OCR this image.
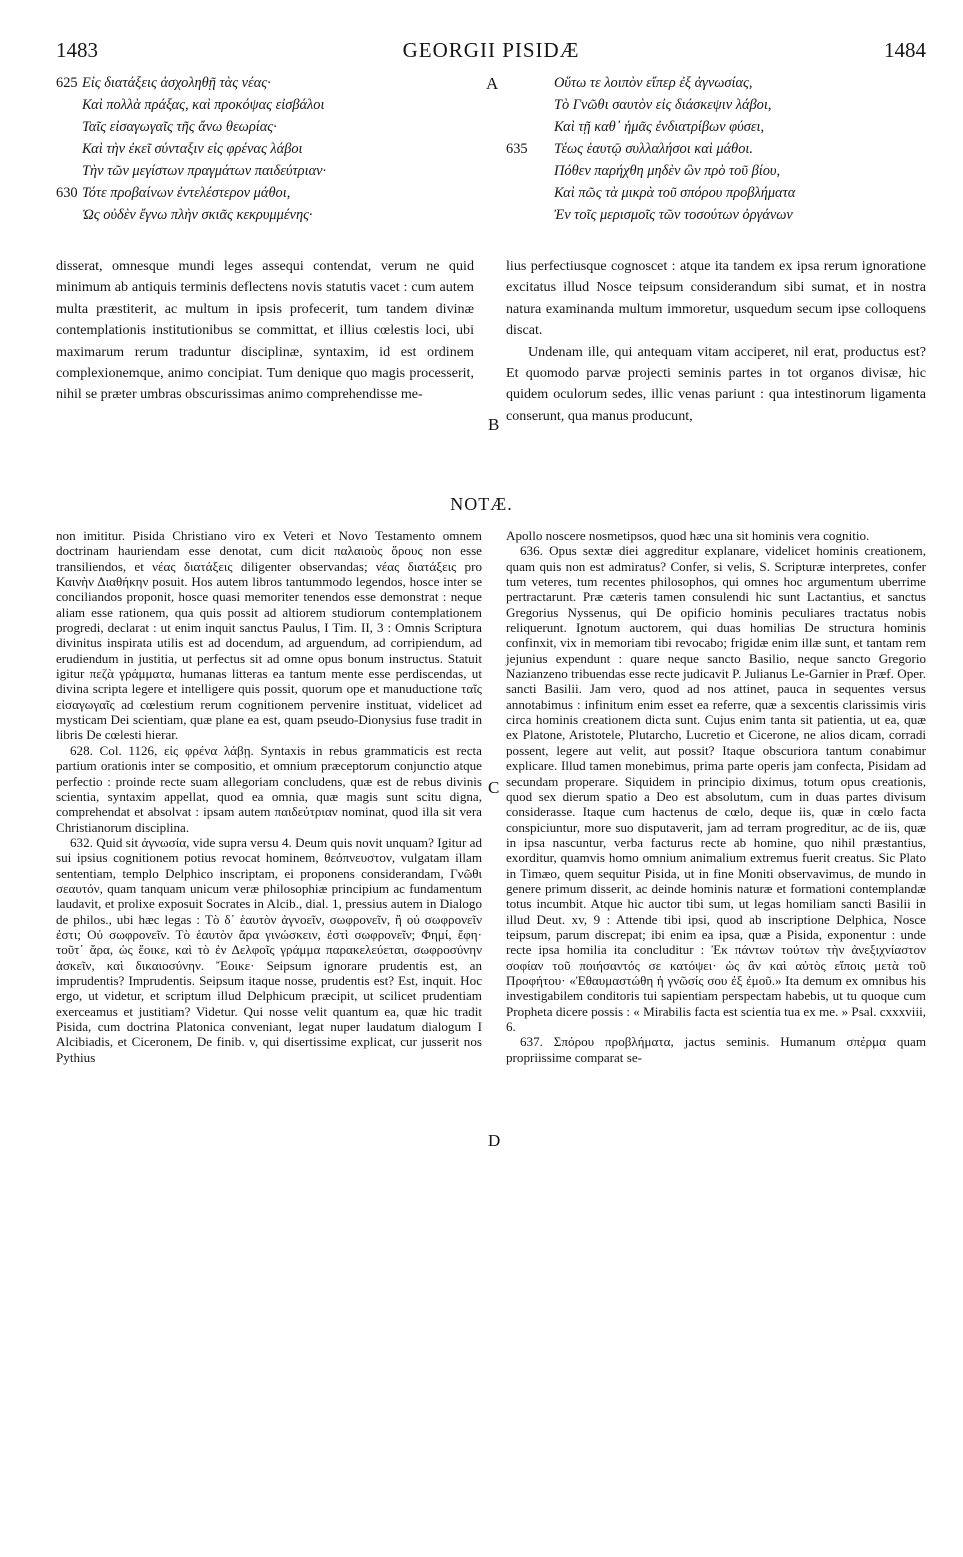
1483	GEORGII PISIDÆ	1484
625 Εἰς διατάξεις ἀσχοληθῇ τὰς νέας·
Καὶ πολλὰ πράξας, καὶ προκόψας εἰσβάλοι
Ταῖς εἰσαγωγαῖς τῆς ἄνω θεωρίας·
Καὶ τὴν ἐκεῖ σύνταξιν εἰς φρένας λάβοι
Τὴν τῶν μεγίστων πραγμάτων παιδεύτριαν·
630 Τότε προβαίνων ἐντελέστερον μάθοι,
Ὡς οὐδὲν ἔγνω πλὴν σκιᾶς κεκρυμμένης·
Οὕτω τε λοιπὸν εἴπερ ἐξ ἀγνωσίας,
Τὸ Γνῶθι σαυτὸν εἰς διάσκεψιν λάβοι,
Καὶ τῇ καθ᾽ ἡμᾶς ἐνδιατρίβων φύσει,
635 Τέως ἑαυτῷ συλλαλήσοι καὶ μάθοι.
Πόθεν παρήχθη μηδὲν ὢν πρὸ τοῦ βίου,
Καὶ πῶς τὰ μικρὰ τοῦ σπόρου προβλήματα
Ἐν τοῖς μερισμοῖς τῶν τοσούτων ὀργάνων

disserat, omnesque mundi leges assequi contendat, verum ne quid minimum ab antiquis terminis deflectens novis statutis vacet : cum autem multa præstiterit, ac multum in ipsis profecerit, tum tandem divinæ contemplationis institutionibus se committat, et illius cœlestis loci, ubi maximarum rerum traduntur disciplinæ, syntaxim, id est ordinem complexionemque, animo concipiat. Tum denique quo magis processerit, nihil se præter umbras obscurissimas animo comprehendisse me-

lius perfectiusque cognoscet : atque ita tandem ex ipsa rerum ignoratione excitatus illud Nosce teipsum considerandum sibi sumat, et in nostra natura examinanda multum immoretur, usquedum secum ipse colloquens discat.

Undenam ille, qui antequam vitam acciperet, nil erat, productus est? Et quomodo parvæ projecti seminis partes in tot organos divisæ, hic quidem oculorum sedes, illic venas pariunt : qua intestinorum ligamenta conserunt, qua manus producunt,

A
B
C
D
NOTÆ.

non imititur. Pisida Christiano viro ex Veteri et Novo Testamento omnem doctrinam hauriendam esse denotat, cum dicit παλαιοὺς ὅρους non esse transiliendos, et νέας διατάξεις diligenter observandas; νέας διατάξεις pro Καινὴν Διαθήκην posuit. Hos autem libros tantummodo legendos, hosce inter se conciliandos proponit, hosce quasi memoriter tenendos esse demonstrat : neque aliam esse rationem, qua quis possit ad altiorem studiorum contemplationem progredi, declarat : ut enim inquit sanctus Paulus, I Tim. II, 3 : Omnis Scriptura divinitus inspirata utilis est ad docendum, ad arguendum, ad corripiendum, ad erudiendum in justitia, ut perfectus sit ad omne opus bonum instructus. Statuit igitur πεζὰ γράμματα, humanas litteras ea tantum mente esse perdiscendas, ut divina scripta legere et intelligere quis possit, quorum ope et manuductione ταῖς εἰσαγωγαῖς ad cœlestium rerum cognitionem pervenire instituat, videlicet ad mysticam Dei scientiam, quæ plane ea est, quam pseudo-Dionysius fuse tradit in libris De cœlesti hierar.

628. Col. 1126, εἰς φρένα λάβῃ. Syntaxis in rebus grammaticis est recta partium orationis inter se compositio, et omnium præceptorum conjunctio atque perfectio : proinde recte suam allegoriam concludens, quæ est de rebus divinis scientia, syntaxim appellat, quod ea omnia, quæ magis sunt scitu digna, comprehendat et absolvat : ipsam autem παιδεύτριαν nominat, quod illa sit vera Christianorum disciplina.

632. Quid sit ἀγνωσία, vide supra versu 4. Deum quis novit unquam? Igitur ad sui ipsius cognitionem potius revocat hominem, θεόπνευστον, vulgatam illam sententiam, templo Delphico inscriptam, ei proponens considerandam, Γνῶθι σεαυτόν, quam tanquam unicum veræ philosophiæ principium ac fundamentum laudavit, et prolixe exposuit Socrates in Alcib., dial. 1, pressius autem in Dialogo de philos., ubi hæc legas : Τὸ δ᾽ ἑαυτὸν ἀγνοεῖν, σωφρονεῖν, ἢ οὐ σωφρονεῖν ἐστι; Οὐ σωφρονεῖν. Τὸ ἑαυτὸν ἄρα γινώσκειν, ἐστὶ σωφρονεῖν; Φημί, ἔφη· τοῦτ᾽ ἄρα, ὡς ἔοικε, καὶ τὸ ἐν Δελφοῖς γράμμα παρακελεύεται, σωφροσύνην ἀσκεῖν, καὶ δικαιοσύνην. Ἔοικε· Seipsum ignorare prudentis est, an imprudentis? Imprudentis. Seipsum itaque nosse, prudentis est? Est, inquit. Hoc ergo, ut videtur, et scriptum illud Delphicum præcipit, ut scilicet prudentiam exerceamus et justitiam? Videtur. Qui nosse velit quantum ea, quæ hic tradit Pisida, cum doctrina Platonica conveniant, legat nuper laudatum dialogum I Alcibiadis, et Ciceronem, De finib. v, qui disertissime explicat, cur jusserit nos Pythius

Apollo noscere nosmetipsos, quod hæc una sit hominis vera cognitio.

636. Opus sextæ diei aggreditur explanare, videlicet hominis creationem, quam quis non est admiratus? Confer, si velis, S. Scripturæ interpretes, confer tum veteres, tum recentes philosophos, qui omnes hoc argumentum uberrime pertractarunt. Præ cæteris tamen consulendi hic sunt Lactantius, et sanctus Gregorius Nyssenus, qui De opificio hominis peculiares tractatus nobis reliquerunt. Ignotum auctorem, qui duas homilias De structura hominis confinxit, vix in memoriam tibi revocabo; frigidæ enim illæ sunt, et tantam rem jejunius expendunt : quare neque sancto Basilio, neque sancto Gregorio Nazianzeno tribuendas esse recte judicavit P. Julianus Le-Garnier in Præf. Oper. sancti Basilii. Jam vero, quod ad nos attinet, pauca in sequentes versus annotabimus : infinitum enim esset ea referre, quæ a sexcentis clarissimis viris circa hominis creationem dicta sunt. Cujus enim tanta sit patientia, ut ea, quæ ex Platone, Aristotele, Plutarcho, Lucretio et Cicerone, ne alios dicam, corradi possent, legere aut velit, aut possit? Itaque obscuriora tantum conabimur explicare. Illud tamen monebimus, prima parte operis jam confecta, Pisidam ad secundam properare. Siquidem in principio diximus, totum opus creationis, quod sex dierum spatio a Deo est absolutum, cum in duas partes divisum considerasse. Itaque cum hactenus de cœlo, deque iis, quæ in cœlo facta conspiciuntur, more suo disputaverit, jam ad terram progreditur, ac de iis, quæ in ipsa nascuntur, verba facturus recte ab homine, quo nihil præstantius, exorditur, quamvis homo omnium animalium extremus fuerit creatus. Sic Plato in Timæo, quem sequitur Pisida, ut in fine Moniti observavimus, de mundo in genere primum disserit, ac deinde hominis naturæ et formationi contemplandæ totus incumbit. Atque hic auctor tibi sum, ut legas homiliam sancti Basilii in illud Deut. xv, 9 : Attende tibi ipsi, quod ab inscriptione Delphica, Nosce teipsum, parum discrepat; ibi enim ea ipsa, quæ a Pisida, exponentur : unde recte ipsa homilia ita concluditur : Ἐκ πάντων τούτων τὴν ἀνεξιχνίαστον σοφίαν τοῦ ποιήσαντός σε κατόψει· ὡς ἂν καὶ αὐτὸς εἴποις μετὰ τοῦ Προφήτου· «Ἐθαυμαστώθη ἡ γνῶσίς σου ἐξ ἐμοῦ.» Ita demum ex omnibus his investigabilem conditoris tui sapientiam perspectam habebis, ut tu quoque cum Propheta dicere possis : « Mirabilis facta est scientia tua ex me. » Psal. cxxxviii, 6.

637. Σπόρου προβλήματα, jactus seminis. Humanum σπέρμα quam propriissime comparat se-
